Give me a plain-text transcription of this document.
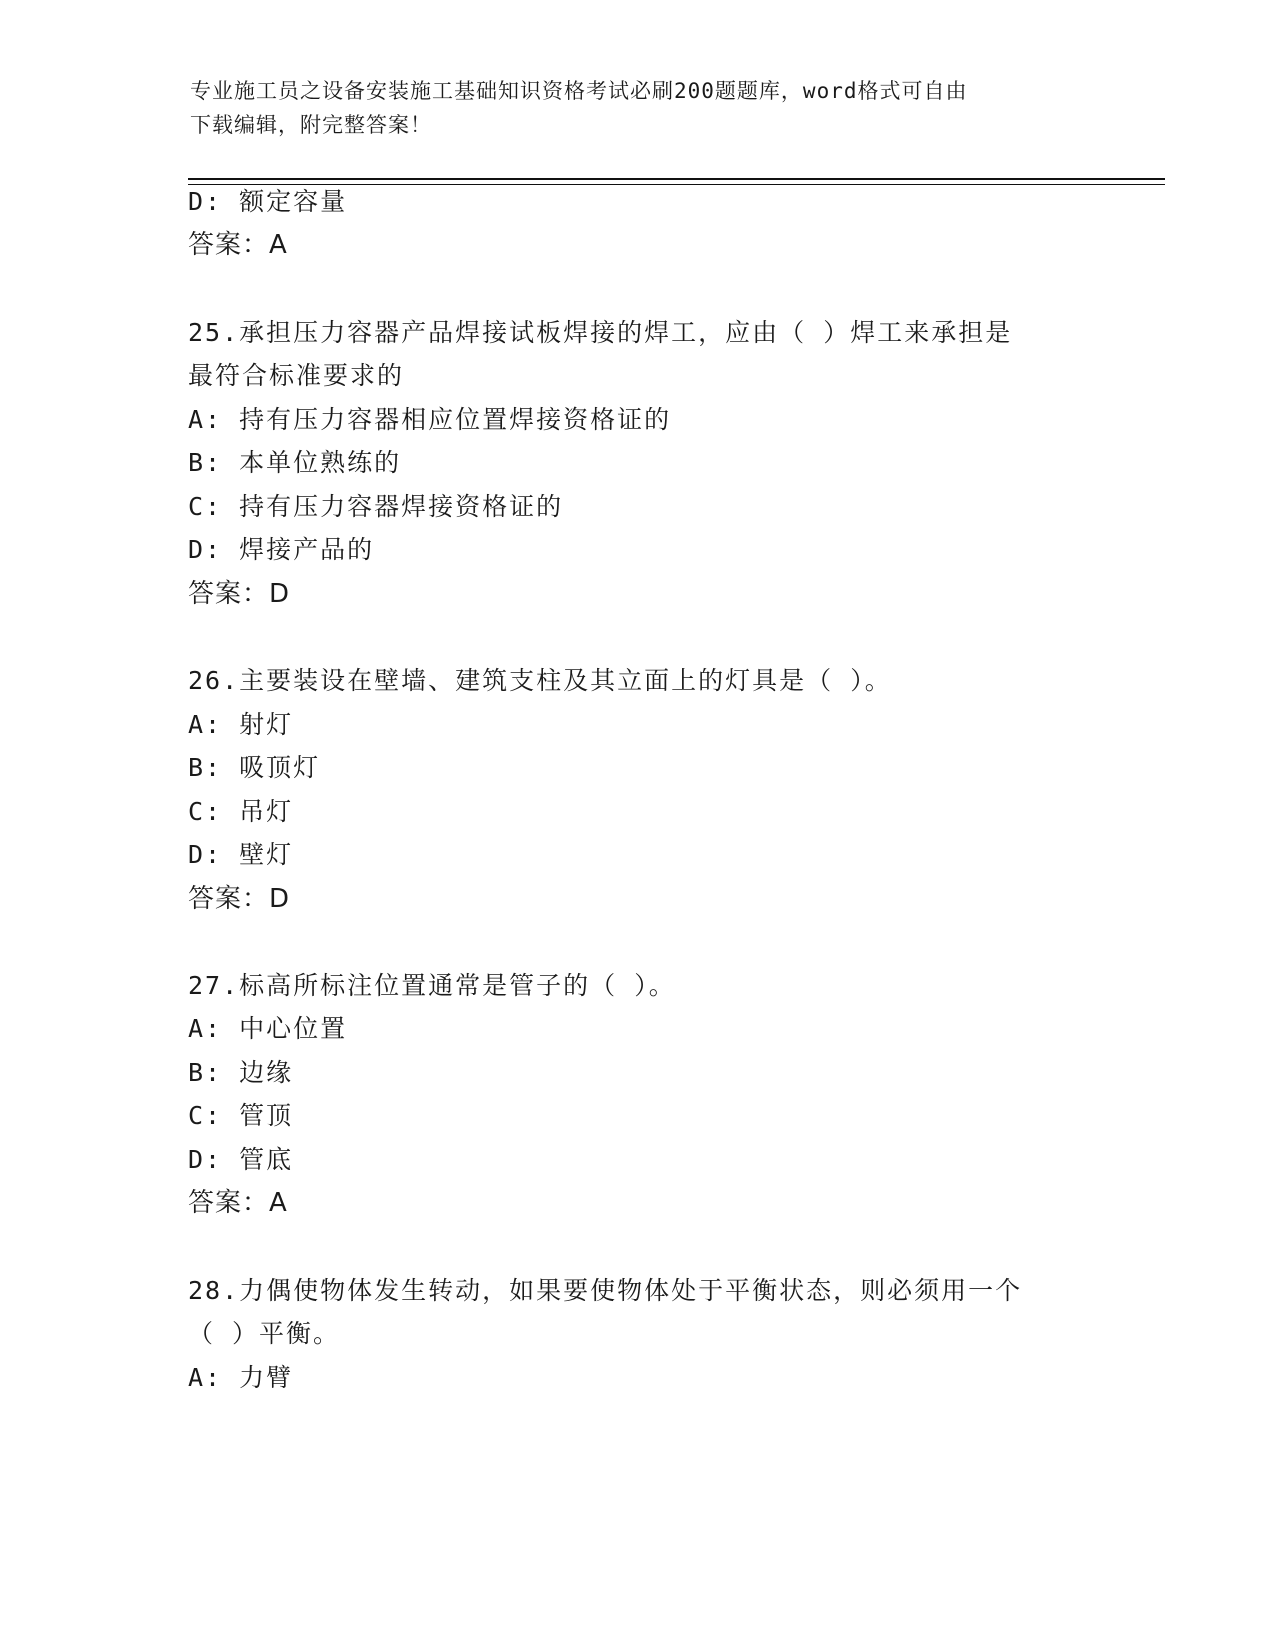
专业施工员之设备安装施工基础知识资格考试必刷200题题库，word格式可自由
下载编辑，附完整答案！
D: 额定容量
答案：A
25.承担压力容器产品焊接试板焊接的焊工，应由（ ）焊工来承担是
最符合标准要求的
A: 持有压力容器相应位置焊接资格证的
B: 本单位熟练的
C: 持有压力容器焊接资格证的
D: 焊接产品的
答案：D
26.主要装设在壁墙、建筑支柱及其立面上的灯具是（ ）。
A: 射灯
B: 吸顶灯
C: 吊灯
D: 壁灯
答案：D
27.标高所标注位置通常是管子的（ ）。
A: 中心位置
B: 边缘
C: 管顶
D: 管底
答案：A
28.力偶使物体发生转动，如果要使物体处于平衡状态，则必须用一个
（ ）平衡。
A: 力臂
